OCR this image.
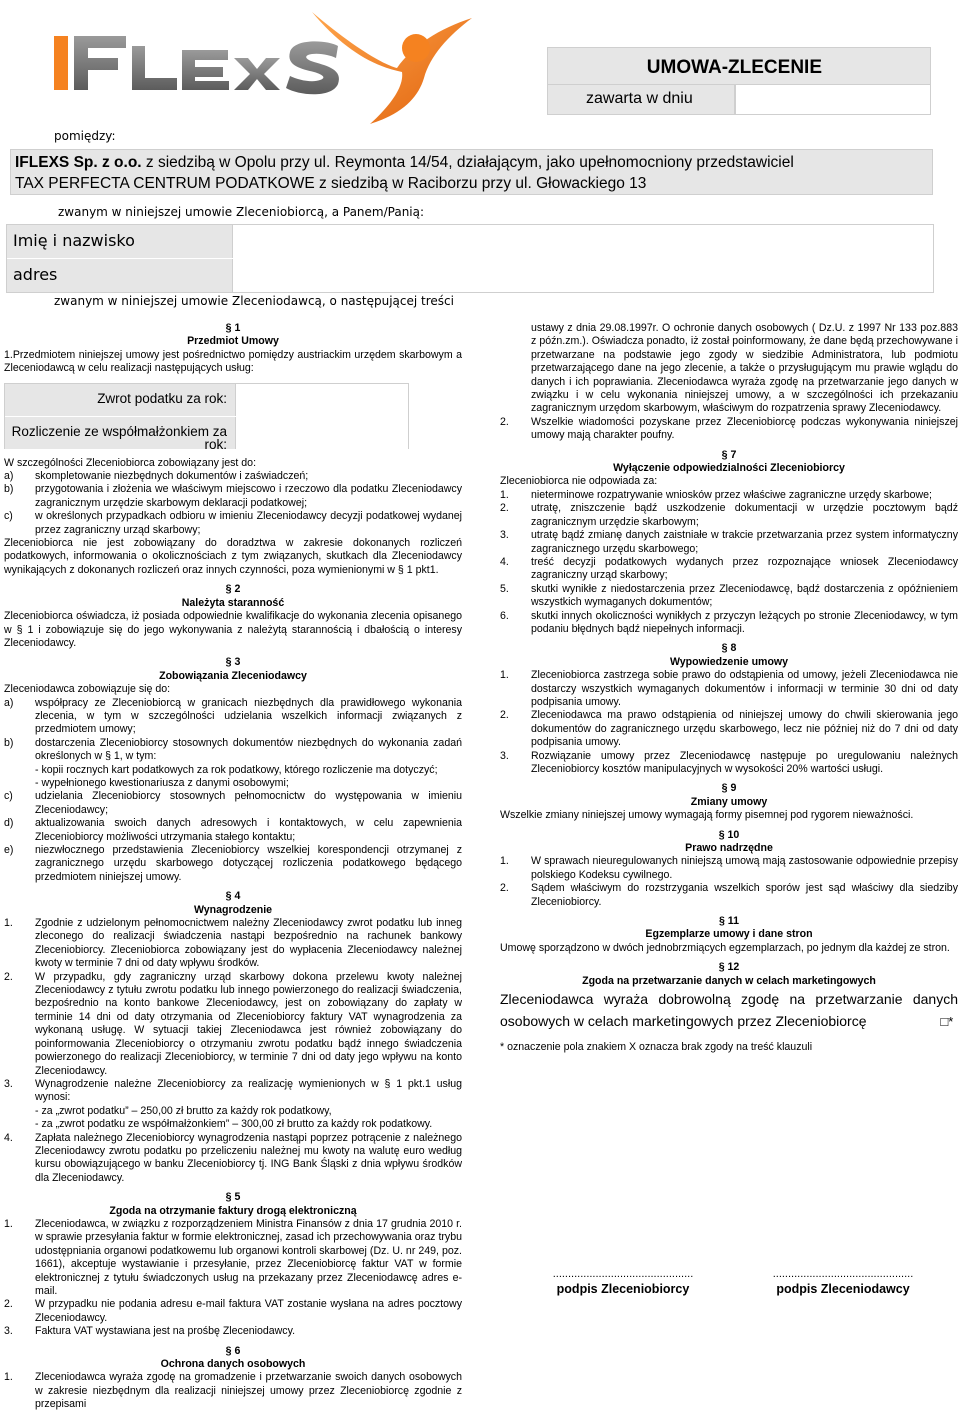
UMOWA-ZLECENIE
zawarta w dniu
pomiędzy:
IFLEXS Sp. z o.o. z siedzibą w Opolu przy ul. Reymonta 14/54, działającym, jako upełnomocniony przedstawiciel
TAX PERFECTA CENTRUM PODATKOWE z siedzibą w Raciborzu przy ul. Głowackiego 13
zwanym w niniejszej umowie Zleceniobiorcą, a Panem/Panią:
Imię i nazwisko
adres
zwanym w niniejszej umowie Zleceniodawcą, o następującej treści
§ 1
Przedmiot Umowy
1.Przedmiotem niniejszej umowy jest pośrednictwo pomiędzy austriackim urzędem skarbowym a Zleceniodawcą w celu realizacji następujących usług:
Zwrot podatku za rok:
Rozliczenie ze współmałżonkiem za rok:
W szczególności Zleceniobiorca zobowiązany jest do:
a)	skompletowanie niezbędnych dokumentów i zaświadczeń;
b)	przygotowania i złożenia we właściwym miejscowo i rzeczowo dla podatku Zleceniodawcy zagranicznym urzędzie skarbowym deklaracji podatkowej;
c)	w określonych przypadkach odbioru w imieniu Zleceniodawcy decyzji podatkowej wydanej przez zagraniczny urząd skarbowy;
Zleceniobiorca nie jest zobowiązany do doradztwa w zakresie dokonanych rozliczeń podatkowych, informowania o okolicznościach z tym związanych, skutkach dla Zleceniodawcy wynikających z dokonanych rozliczeń oraz innych czynności, poza wymienionymi w § 1 pkt1.
§ 2
Należyta staranność
Zleceniobiorca oświadcza, iż posiada odpowiednie kwalifikacje do wykonania zlecenia opisanego w § 1 i zobowiązuje się do jego wykonywania z należytą starannością i dbałością o interesy Zleceniodawcy.
§ 3
Zobowiązania Zleceniodawcy
Zleceniodawca zobowiązuje się do:
a)	współpracy ze Zleceniobiorcą w granicach niezbędnych dla prawidłowego wykonania zlecenia, w tym w szczególności udzielania wszelkich informacji związanych z przedmiotem umowy;
b)	dostarczenia Zleceniobiorcy stosownych dokumentów niezbędnych do wykonania zadań określonych w § 1, w tym:
- kopii rocznych kart podatkowych za rok podatkowy, którego rozliczenie ma dotyczyć;
- wypełnionego kwestionariusza z danymi osobowymi;
c)	udzielania Zleceniobiorcy stosownych pełnomocnictw do występowania w imieniu Zleceniodawcy;
d)	aktualizowania swoich danych adresowych i kontaktowych, w celu zapewnienia Zleceniobiorcy możliwości utrzymania stałego kontaktu;
e)	niezwłocznego przedstawienia Zleceniobiorcy wszelkiej korespondencji otrzymanej z zagranicznego urzędu skarbowego dotyczącej rozliczenia podatkowego będącego przedmiotem niniejszej umowy.
§ 4
Wynagrodzenie
1.	Zgodnie z udzielonym pełnomocnictwem należny Zleceniodawcy zwrot podatku lub inneg zleconego do realizacji świadczenia nastąpi bezpośrednio na rachunek bankowy Zleceniobiorcy. Zleceniobiorca zobowiązany jest do wypłacenia Zleceniodawcy należnej kwoty w terminie 7 dni od daty wpływu środków.
2.	W przypadku, gdy zagraniczny urząd skarbowy dokona przelewu kwoty należnej Zleceniodawcy z tytułu zwrotu podatku lub innego powierzonego do realizacji świadczenia, bezpośrednio na konto bankowe Zleceniodawcy, jest on zobowiązany do zapłaty w terminie 14 dni od daty otrzymania od Zleceniobiorcy faktury VAT wynagrodzenia za wykonaną usługę. W sytuacji takiej Zleceniodawca jest również zobowiązany do poinformowania Zleceniobiorcy o otrzymaniu zwrotu podatku bądź innego świadczenia powierzonego do realizacji Zleceniobiorcy, w terminie 7 dni od daty jego wpływu na konto Zleceniodawcy.
3.	Wynagrodzenie należne Zleceniobiorcy za realizację wymienionych w § 1 pkt.1 usług wynosi:
- za „zwrot podatku” – 250,00 zł brutto za każdy rok podatkowy,
- za „zwrot podatku ze współmałżonkiem” – 300,00 zł brutto za każdy rok podatkowy.
4.	Zapłata należnego Zleceniobiorcy wynagrodzenia nastąpi poprzez potrącenie z należnego Zleceniodawcy zwrotu podatku po przeliczeniu należnej mu kwoty na walutę euro według kursu obowiązującego w banku Zleceniobiorcy tj. ING Bank Śląski z dnia wpływu środków dla Zleceniodawcy.
§ 5
Zgoda na otrzymanie faktury drogą elektroniczną
1.	Zleceniodawca, w związku z rozporządzeniem Ministra Finansów z dnia 17 grudnia 2010 r. w sprawie przesyłania faktur w formie elektronicznej, zasad ich przechowywania oraz trybu udostępniania organowi podatkowemu lub organowi kontroli skarbowej (Dz. U. nr 249, poz. 1661), akceptuje wystawianie i przesyłanie, przez Zleceniobiorcę faktur VAT w formie elektronicznej z tytułu świadczonych usług na przekazany przez Zleceniodawcę adres e-mail.
2.	W przypadku nie podania adresu e-mail faktura VAT zostanie wysłana na adres pocztowy Zleceniodawcy.
3.	Faktura VAT wystawiana jest na prośbę Zleceniodawcy.
§ 6
Ochrona danych osobowych
1.	Zleceniodawca wyraża zgodę na gromadzenie i przetwarzanie swoich danych osobowych w zakresie niezbędnym dla realizacji niniejszej umowy przez Zleceniobiorcę zgodnie z przepisami
ustawy z dnia 29.08.1997r. O ochronie danych osobowych ( Dz.U. z 1997 Nr 133 poz.883 z późn.zm.). Oświadcza ponadto, iż został poinformowany, że dane będą przechowywane i przetwarzane na podstawie jego zgody w siedzibie Administratora, lub podmiotu przetwarzającego dane na jego zlecenie, a także o przysługującym mu prawie wglądu do danych i ich poprawiania. Zleceniodawca wyraża zgodę na przetwarzanie jego danych w związku i w celu wykonania niniejszej umowy, a w szczególności ich przekazaniu zagranicznym urzędom skarbowym, właściwym do rozpatrzenia sprawy Zleceniodawcy.
2.	Wszelkie wiadomości pozyskane przez Zleceniobiorcę podczas wykonywania niniejszej umowy mają charakter poufny.
§ 7
Wyłączenie odpowiedzialności Zleceniobiorcy
Zleceniobiorca nie odpowiada za:
1.	nieterminowe rozpatrywanie wniosków przez właściwe zagraniczne urzędy skarbowe;
2.	utratę, zniszczenie bądź uszkodzenie dokumentacji w urzędzie pocztowym bądź zagranicznym urzędzie skarbowym;
3.	utratę bądź zmianę danych zaistniałe w trakcie przetwarzania przez system informatyczny zagranicznego urzędu skarbowego;
4.	treść decyzji podatkowych wydanych przez rozpoznające wniosek Zleceniodawcy zagraniczny urząd skarbowy;
5.	skutki wynikłe z niedostarczenia przez Zleceniodawcę, bądź dostarczenia z opóźnieniem wszystkich wymaganych dokumentów;
6.	skutki innych okoliczności wynikłych z przyczyn leżących po stronie Zleceniodawcy, w tym podaniu błędnych bądź niepełnych informacji.
§ 8
Wypowiedzenie umowy
1.	Zleceniobiorca zastrzega sobie prawo do odstąpienia od umowy, jeżeli Zleceniodawca nie dostarczy wszystkich wymaganych dokumentów i informacji w terminie 30 dni od daty podpisania umowy.
2.	Zleceniodawca ma prawo odstąpienia od niniejszej umowy do chwili skierowania jego dokumentów do zagranicznego urzędu skarbowego, lecz nie później niż do 7 dni od daty podpisania umowy.
3.	Rozwiązanie umowy przez Zleceniodawcę następuje po uregulowaniu należnych Zleceniobiorcy kosztów manipulacyjnych w wysokości 20% wartości usługi.
§ 9
Zmiany umowy
Wszelkie zmiany niniejszej umowy wymagają formy pisemnej pod rygorem nieważności.
§ 10
Prawo nadrzędne
1.	W sprawach nieuregulowanych niniejszą umową mają zastosowanie odpowiednie przepisy polskiego Kodeksu cywilnego.
2.	Sądem właściwym do rozstrzygania wszelkich sporów jest sąd właściwy dla siedziby Zleceniobiorcy.
§ 11
Egzemplarze umowy i dane stron
Umowę sporządzono w dwóch jednobrzmiących egzemplarzach, po jednym dla każdej ze stron.
§ 12
Zgoda na przetwarzanie danych w celach marketingowych
Zleceniodawca wyraża dobrowolną zgodę na przetwarzanie danych osobowych w celach marketingowych przez Zleceniobiorcę	□*
* oznaczenie pola znakiem X oznacza brak zgody na treść klauzuli
..............................................
podpis Zleceniobiorcy
..............................................
podpis Zleceniodawcy
